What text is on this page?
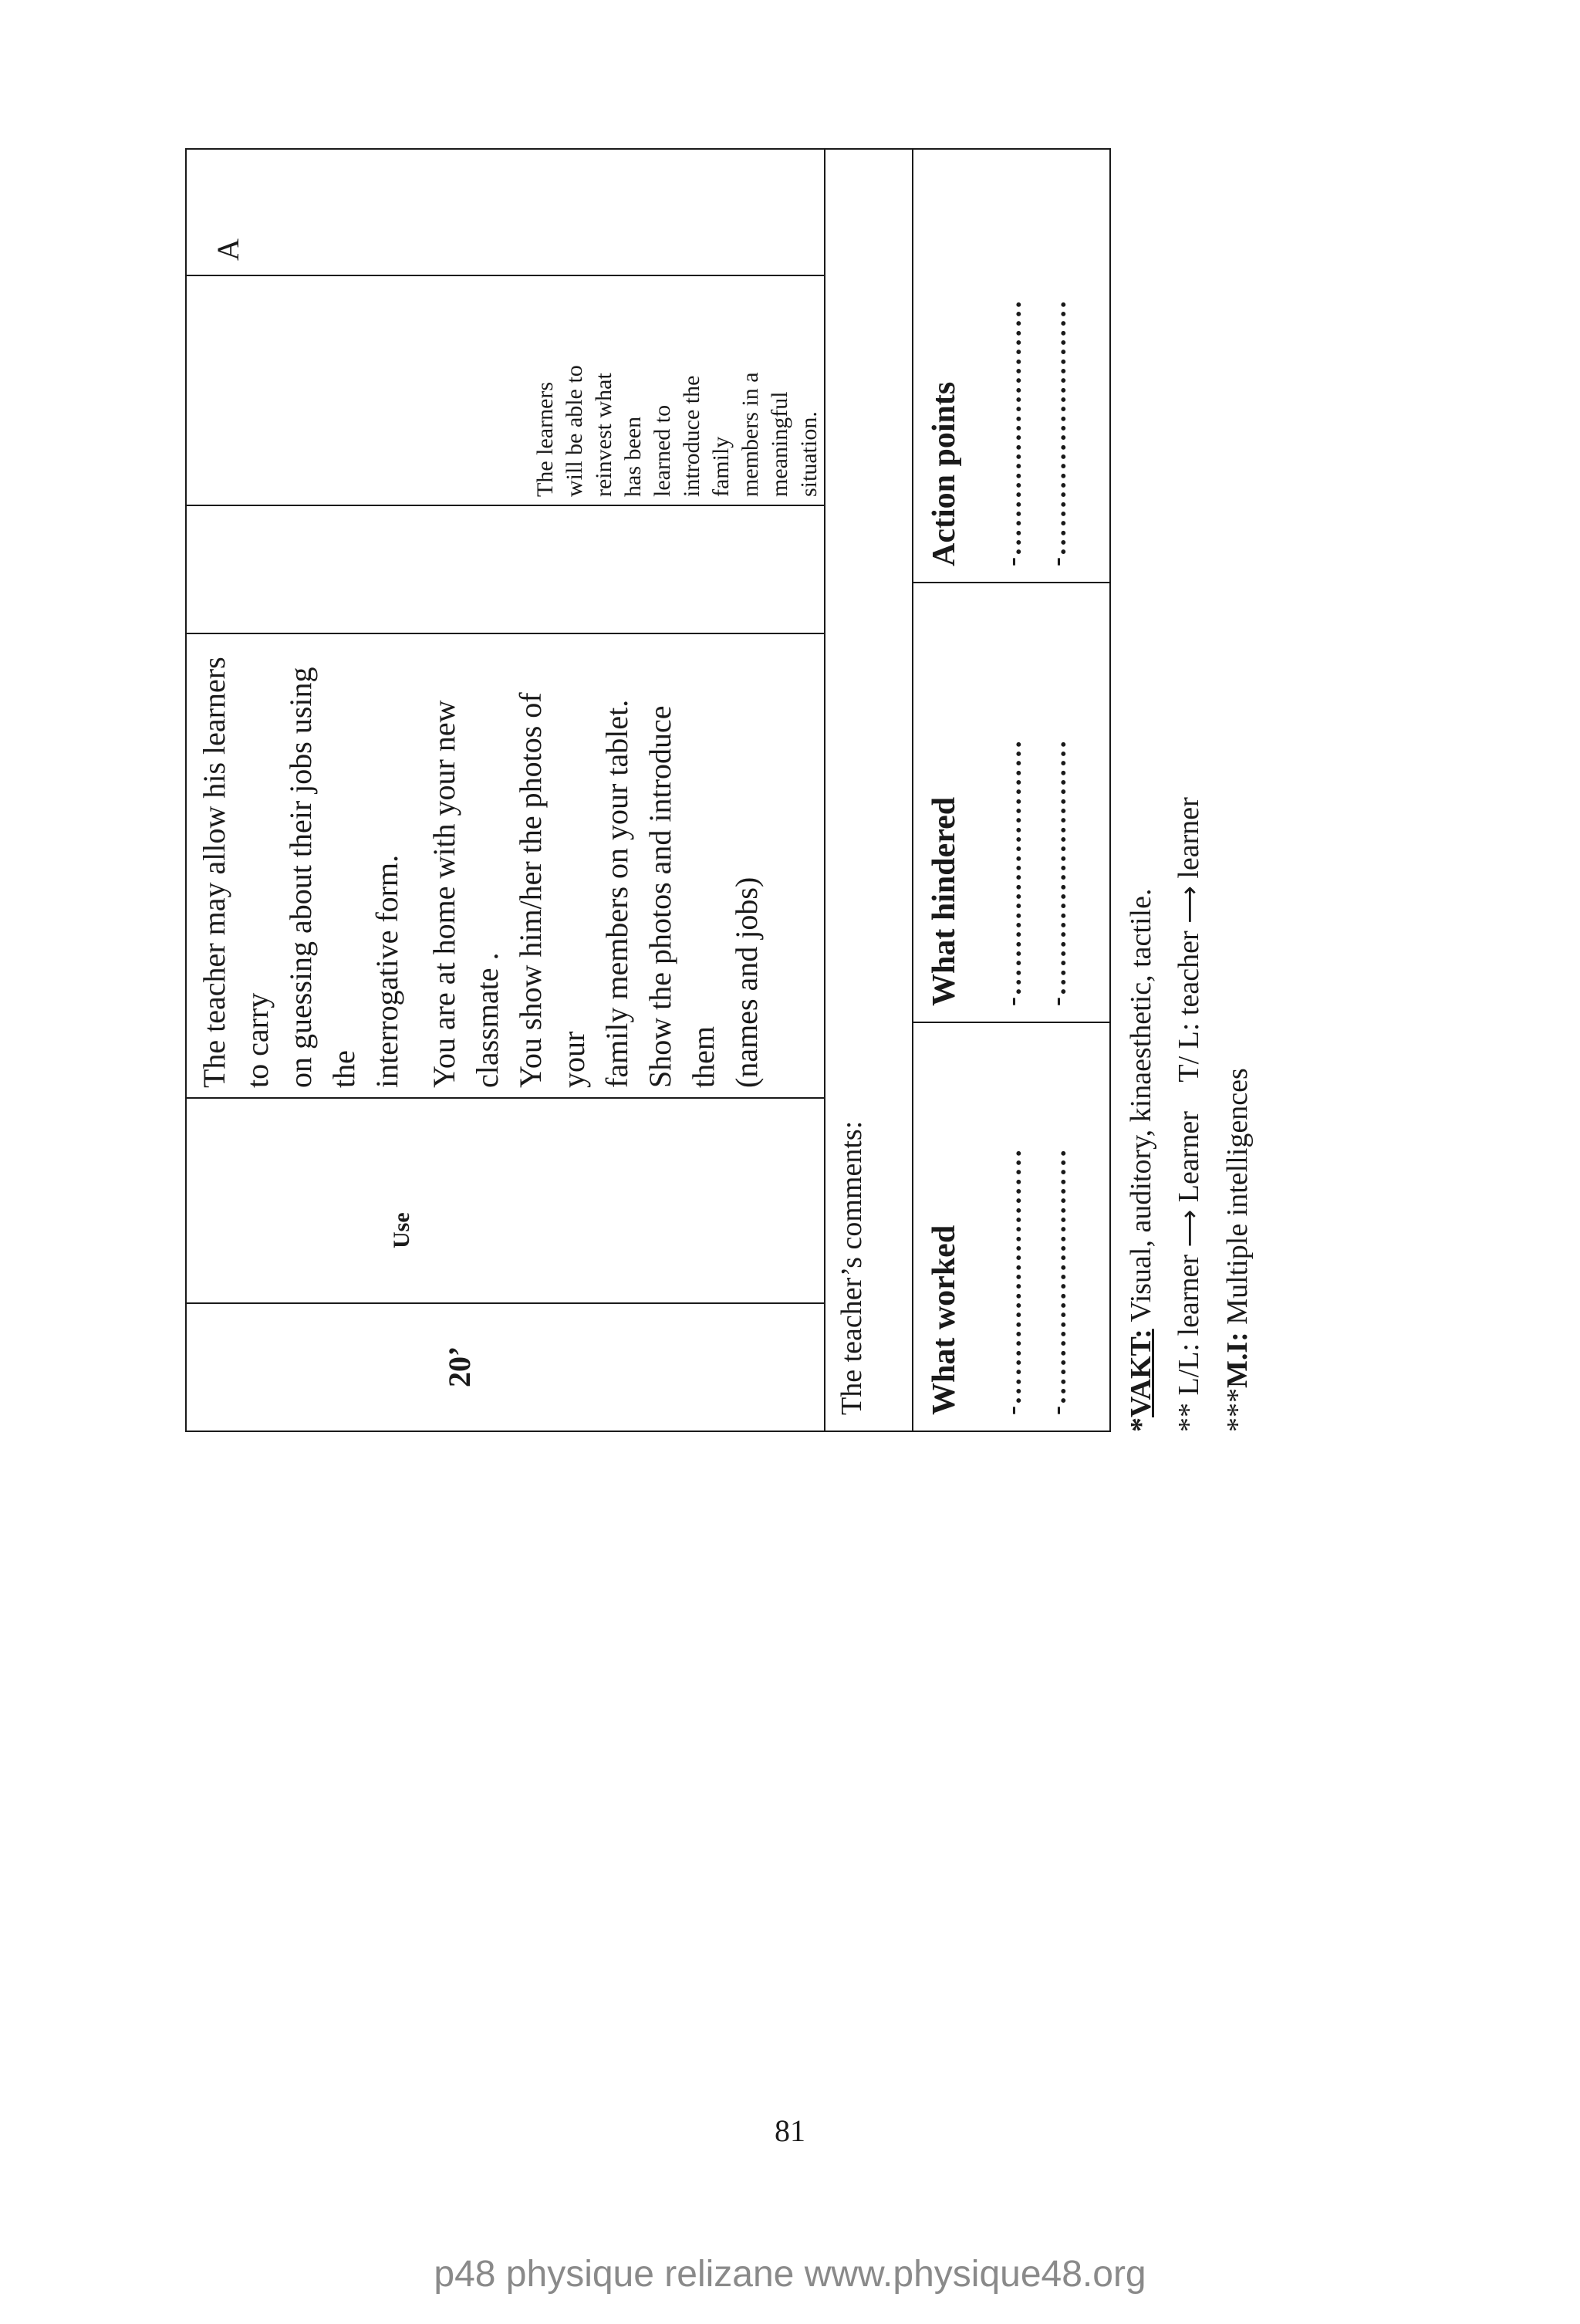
20’
Use
The teacher may allow his learners to carry on guessing about their jobs using the interrogative form. You are at home with your new classmate . You show him/her the photos of your family members on your tablet. Show the photos and introduce them (names and jobs)
The learners will be able to reinvest what has been learned to introduce the family members in a meaningful situation.
A
The teacher’s comments: What worked -……………………… -………………………
What hindered -……………………… -………………………
Action points -……………………… -………………………
*VAKT: Visual, auditory, kinaesthetic, tactile.
** L/L: learner ⟶ Learner T/ L: teacher ⟶ learner
***M.I: Multiple intelligences
81
p48 physique relizane www.physique48.org
